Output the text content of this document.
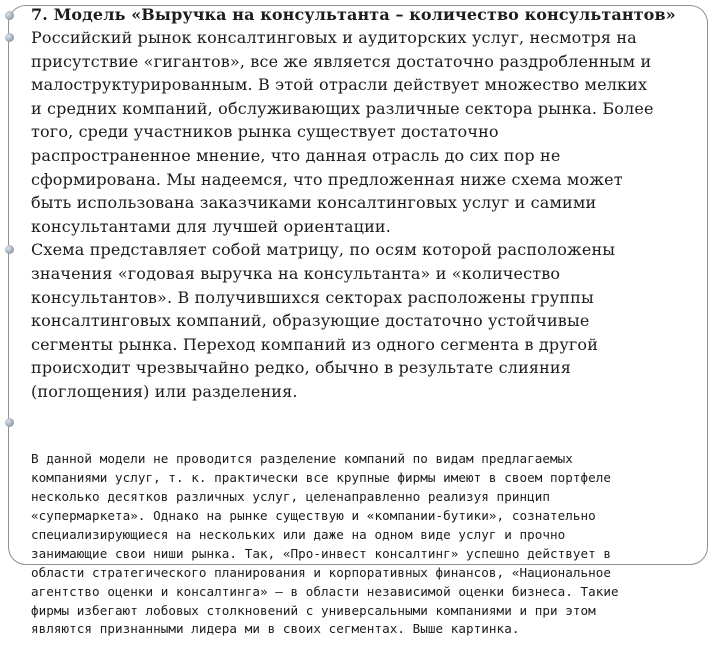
7. Модель «Выручка на консультанта – количество консультантов»
Российский рынок консалтинговых и аудиторских услуг, несмотря на присутствие «гигантов», все же является достаточно раздробленным и малоструктурированным. В этой отрасли действует множество мелких и средних компаний, обслуживающих различные сектора рынка. Более того, среди участников рынка существует достаточно распространенное мнение, что данная отрасль до сих пор не сформирована. Мы надеемся, что предложенная ниже схема может быть использована заказчиками консалтинговых услуг и самими консультантами для лучшей ориентации.
Схема представляет собой матрицу, по осям которой расположены значения «годовая выручка на консультанта» и «количество консультантов». В получившихся секторах расположены группы консалтинговых компаний, образующие достаточно устойчивые сегменты рынка. Переход компаний из одного сегмента в другой происходит чрезвычайно редко, обычно в результате слияния (поглощения) или разделения.

В данной модели не проводится разделение компаний по видам предлагаемых
компаниями услуг, т. к. практически все крупные фирмы имеют в своем портфеле
несколько десятков различных услуг, целенаправленно реализуя принцип
«супермаркета». Однако на рынке существую и «компании-бутики», сознательно
специализирующиеся на нескольких или даже на одном виде услуг и прочно
занимающие свои ниши рынка. Так, «Про-инвест консалтинг» успешно действует в
области стратегического планирования и корпоративных финансов, «Национальное
агентство оценки и консалтинга» – в области независимой оценки бизнеса. Такие
фирмы избегают лобовых столкновений с универсальными компаниями и при этом
являются признанными лидера ми в своих сегментах. Выше картинка.
